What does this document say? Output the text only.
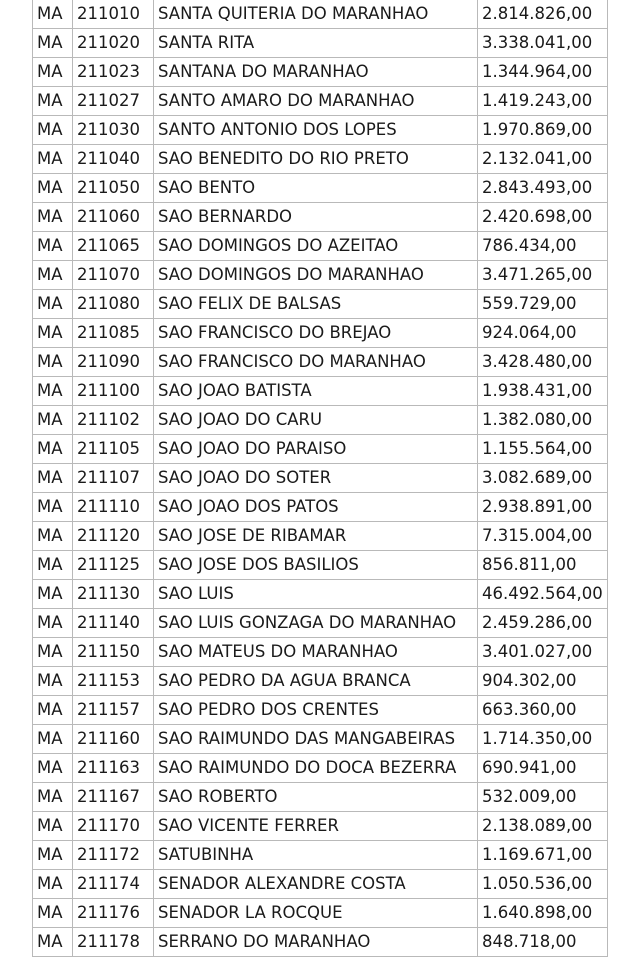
MA	211010	SANTA QUITERIA DO MARANHAO	2.814.826,00
MA	211020	SANTA RITA	3.338.041,00
MA	211023	SANTANA DO MARANHAO	1.344.964,00
MA	211027	SANTO AMARO DO MARANHAO	1.419.243,00
MA	211030	SANTO ANTONIO DOS LOPES	1.970.869,00
MA	211040	SAO BENEDITO DO RIO PRETO	2.132.041,00
MA	211050	SAO BENTO	2.843.493,00
MA	211060	SAO BERNARDO	2.420.698,00
MA	211065	SAO DOMINGOS DO AZEITAO	786.434,00
MA	211070	SAO DOMINGOS DO MARANHAO	3.471.265,00
MA	211080	SAO FELIX DE BALSAS	559.729,00
MA	211085	SAO FRANCISCO DO BREJAO	924.064,00
MA	211090	SAO FRANCISCO DO MARANHAO	3.428.480,00
MA	211100	SAO JOAO BATISTA	1.938.431,00
MA	211102	SAO JOAO DO CARU	1.382.080,00
MA	211105	SAO JOAO DO PARAISO	1.155.564,00
MA	211107	SAO JOAO DO SOTER	3.082.689,00
MA	211110	SAO JOAO DOS PATOS	2.938.891,00
MA	211120	SAO JOSE DE RIBAMAR	7.315.004,00
MA	211125	SAO JOSE DOS BASILIOS	856.811,00
MA	211130	SAO LUIS	46.492.564,00
MA	211140	SAO LUIS GONZAGA DO MARANHAO	2.459.286,00
MA	211150	SAO MATEUS DO MARANHAO	3.401.027,00
MA	211153	SAO PEDRO DA AGUA BRANCA	904.302,00
MA	211157	SAO PEDRO DOS CRENTES	663.360,00
MA	211160	SAO RAIMUNDO DAS MANGABEIRAS	1.714.350,00
MA	211163	SAO RAIMUNDO DO DOCA BEZERRA	690.941,00
MA	211167	SAO ROBERTO	532.009,00
MA	211170	SAO VICENTE FERRER	2.138.089,00
MA	211172	SATUBINHA	1.169.671,00
MA	211174	SENADOR ALEXANDRE COSTA	1.050.536,00
MA	211176	SENADOR LA ROCQUE	1.640.898,00
MA	211178	SERRANO DO MARANHAO	848.718,00
